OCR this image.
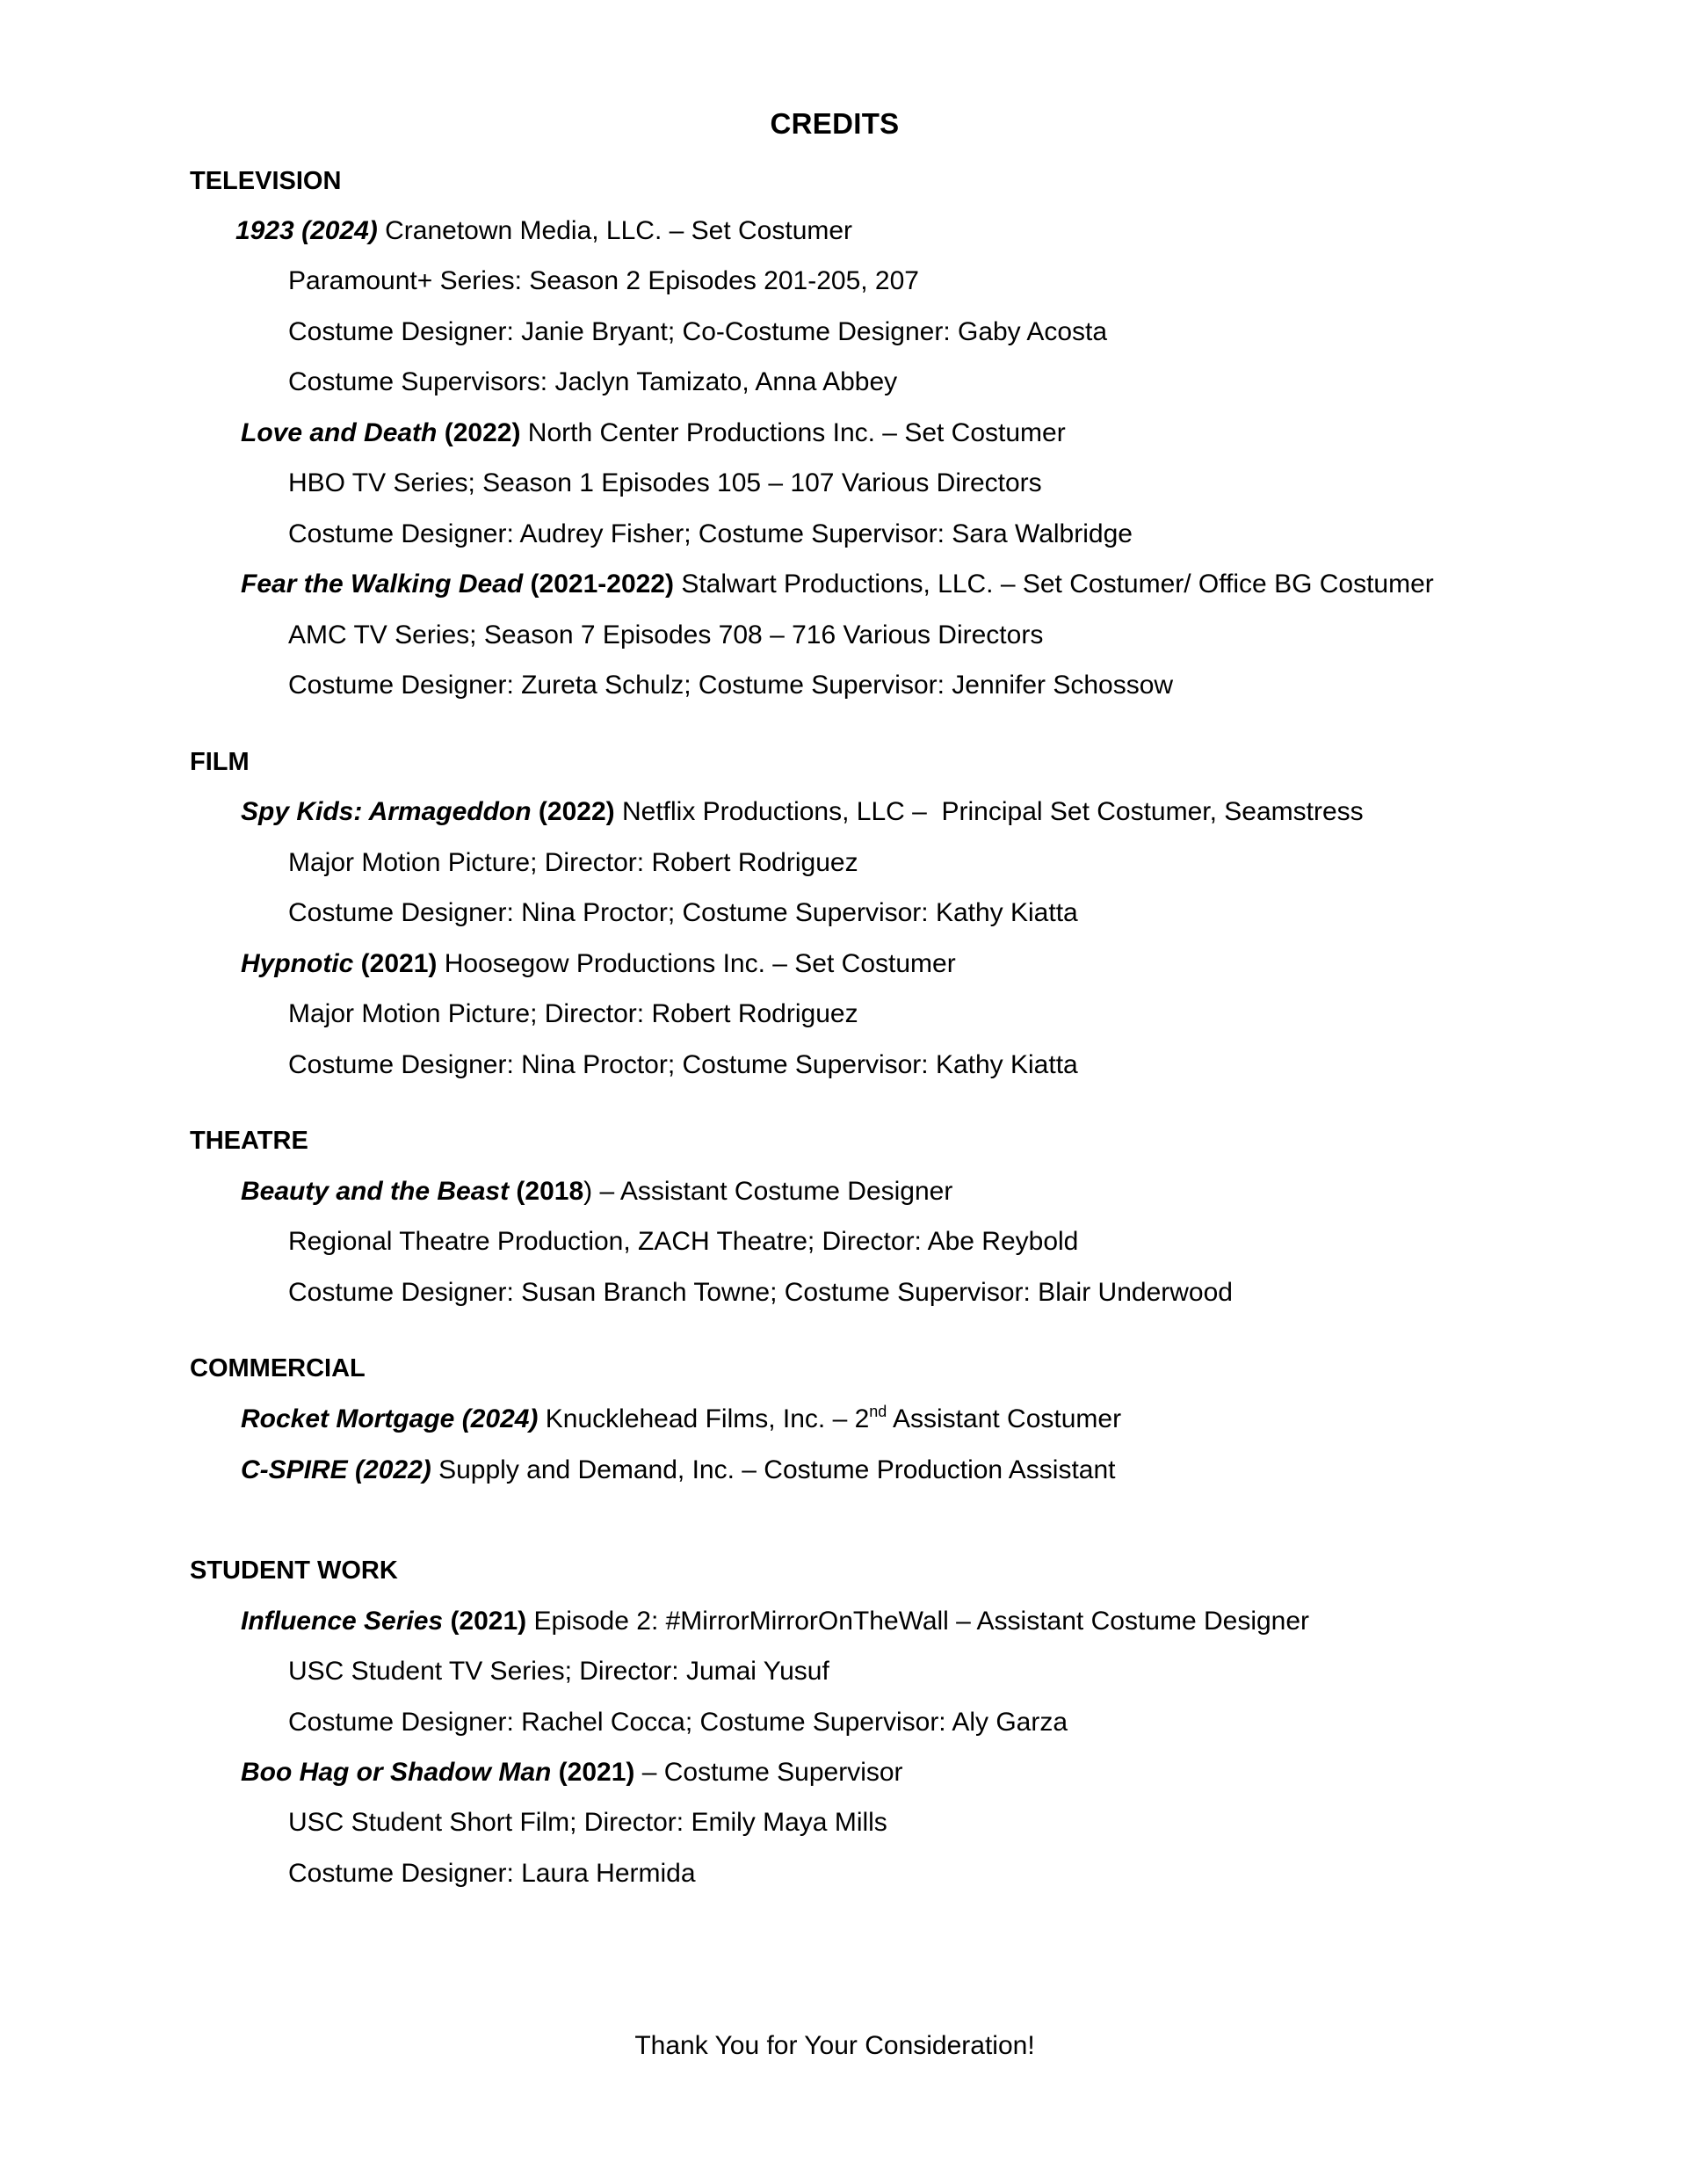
CREDITS
TELEVISION
1923 (2024) Cranetown Media, LLC. – Set Costumer
Paramount+ Series: Season 2 Episodes 201-205, 207
Costume Designer: Janie Bryant; Co-Costume Designer: Gaby Acosta
Costume Supervisors: Jaclyn Tamizato, Anna Abbey
Love and Death (2022) North Center Productions Inc. – Set Costumer
HBO TV Series; Season 1 Episodes 105 – 107 Various Directors
Costume Designer: Audrey Fisher; Costume Supervisor: Sara Walbridge
Fear the Walking Dead (2021-2022) Stalwart Productions, LLC. – Set Costumer/ Office BG Costumer
AMC TV Series; Season 7 Episodes 708 – 716 Various Directors
Costume Designer: Zureta Schulz; Costume Supervisor: Jennifer Schossow
FILM
Spy Kids: Armageddon (2022) Netflix Productions, LLC –  Principal Set Costumer, Seamstress
Major Motion Picture; Director: Robert Rodriguez
Costume Designer: Nina Proctor; Costume Supervisor: Kathy Kiatta
Hypnotic (2021) Hoosegow Productions Inc. – Set Costumer
Major Motion Picture; Director: Robert Rodriguez
Costume Designer: Nina Proctor; Costume Supervisor: Kathy Kiatta
THEATRE
Beauty and the Beast (2018) – Assistant Costume Designer
Regional Theatre Production, ZACH Theatre; Director: Abe Reybold
Costume Designer: Susan Branch Towne; Costume Supervisor: Blair Underwood
COMMERCIAL
Rocket Mortgage (2024) Knucklehead Films, Inc. – 2nd Assistant Costumer
C-SPIRE (2022) Supply and Demand, Inc. – Costume Production Assistant
STUDENT WORK
Influence Series (2021) Episode 2: #MirrorMirrorOnTheWall – Assistant Costume Designer
USC Student TV Series; Director: Jumai Yusuf
Costume Designer: Rachel Cocca; Costume Supervisor: Aly Garza
Boo Hag or Shadow Man (2021) – Costume Supervisor
USC Student Short Film; Director: Emily Maya Mills
Costume Designer: Laura Hermida
Thank You for Your Consideration!
